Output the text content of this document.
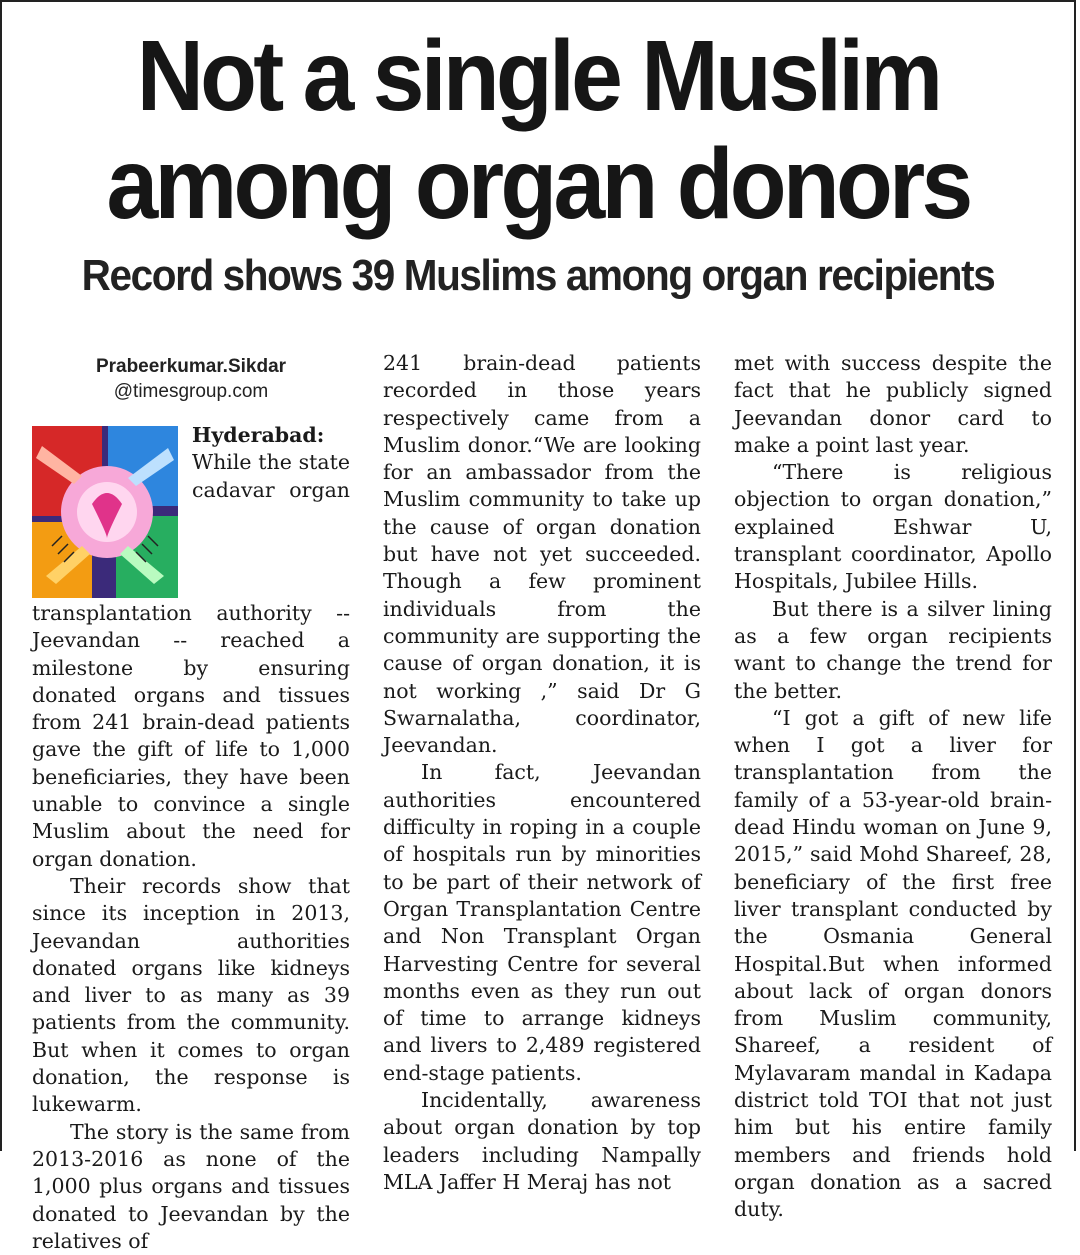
Not a single Muslim
among organ donors
Record shows 39 Muslims among organ recipients
Prabeerkumar.Sikdar
@timesgroup.com

Hyderabad:
While the state cadavar organ transplantation authority -- Jeevandan -- reached a milestone by ensuring donated organs and tissues from 241 brain-dead patients gave the gift of life to 1,000 beneficiaries, they have been unable to convince a single Muslim about the need for organ donation.

Their records show that since its inception in 2013, Jeevandan authorities donated organs like kidneys and liver to as many as 39 patients from the community. But when it comes to organ donation, the response is lukewarm.

The story is the same from 2013-2016 as none of the 1,000 plus organs and tissues donated to Jeevandan by the relatives of

241 brain-dead patients recorded in those years respectively came from a Muslim donor.“We are looking for an ambassador from the Muslim community to take up the cause of organ donation but have not yet succeeded. Though a few prominent individuals from the community are supporting the cause of organ donation, it is not working ,” said Dr G Swarnalatha, coordinator, Jeevandan.

In fact, Jeevandan authorities encountered difficulty in roping in a couple of hospitals run by minorities to be part of their network of Organ Transplantation Centre and Non Transplant Organ Harvesting Centre for several months even as they run out of time to arrange kidneys and livers to 2,489 registered end-stage patients.

Incidentally, awareness about organ donation by top leaders including Nampally MLA Jaffer H Meraj has not

met with success despite the fact that he publicly signed Jeevandan donor card to make a point last year.

“There is religious objection to organ donation,” explained Eshwar U, transplant coordinator, Apollo Hospitals, Jubilee Hills.

But there is a silver lining as a few organ recipients want to change the trend for the better.

“I got a gift of new life when I got a liver for transplantation from the family of a 53-year-old brain-dead Hindu woman on June 9, 2015,” said Mohd Shareef, 28, beneficiary of the first free liver transplant conducted by the Osmania General Hospital.But when informed about lack of organ donors from Muslim community, Shareef, a resident of Mylavaram mandal in Kadapa district told TOI that not just him but his entire family members and friends hold organ donation as a sacred duty.
